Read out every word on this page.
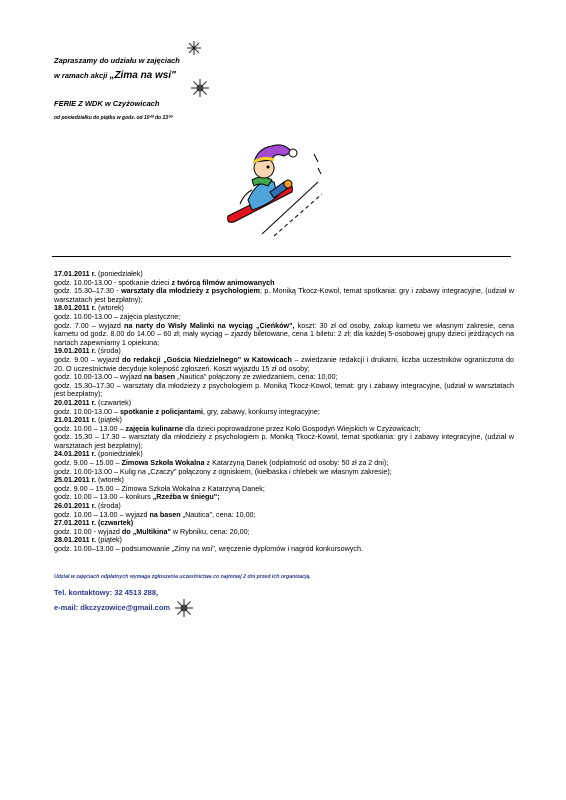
Zapraszamy do udziału w zajęciach
w ramach akcji „Zima na wsi"
FERIE Z WDK w Czyżowicach
od poniedziałku do piątku w godz. od 10⁰⁰ do 13⁰⁰
17.01.2011 r. (poniedziałek)
godz. 10.00-13.00 - spotkanie dzieci z twórcą filmów animowanych
godz. 15.30–17.30 - warsztaty dla młodzieży z psychologiem; p. Moniką Tkocz-Kowol, temat spotkania: gry i zabawy integracyjne, (udział w warsztatach jest bezpłatny);
18.01.2011 r. (wtorek)
godz. 10.00-13.00 – zajęcia plastyczne;
godz. 7.00 – wyjazd na narty do Wisły Malinki na wyciąg „Cieńków", koszt: 30 zł od osoby, zakup karnetu we własnym zakresie, cena karnetu od godz. 8.00 do 14.00 – 60 zł; mały wyciąg – zjazdy biletowane, cena 1 biletu: 2 zł; dla każdej 5-osobowej grupy dzieci jeżdżących na nartach zapewniamy 1 opiekuna;
19.01.2011 r. (środa)
godz. 9.00 – wyjazd do redakcji „Gościa Niedzielnego" w Katowicach – zwiedzanie redakcji i drukarni, liczba uczestników ograniczona do 20. O uczestnictwie decyduje kolejność zgłoszeń. Koszt wyjazdu 15 zł od osoby;
godz. 10.00-13.00 – wyjazd na basen „Nautica" połączony ze zwiedzaniem, cena: 10,00;
godz. 15.30–17.30 – warsztaty dla młodzieży z psychologiem p. Moniką Tkocz-Kowol, temat: gry i zabawy integracyjne, (udział w warsztatach jest bezpłatny);
20.01.2011 r. (czwartek)
godz. 10.00-13.00 – spotkanie z policjantami, gry, zabawy, konkursy integracyjne;
21.01.2011 r. (piątek)
godz. 10.00 – 13.00 – zajęcia kulinarne dla dzieci poprowadzone przez Koło Gospodyń Wiejskich w Czyżowicach;
godz. 15.30 – 17.30 – warsztaty dla młodzieży z psychologiem p. Moniką Tkocz-Kowol, temat spotkania: gry i zabawy integracyjne, (udział w warsztatach jest bezpłatny);
24.01.2011 r. (poniedziałek)
godz. 9.00 – 15.00 – Zimowa Szkoła Wokalna z Katarzyną Danek (odpłatność od osoby: 50 zł za 2 dni);
godz. 10.00-13.00 – Kulig na „Czaczy" połączony z ogniskiem, (kiełbaska i chlebek we własnym zakresie);
25.01.2011 r. (wtorek)
godz. 9.00 – 15.00 – Zimowa Szkoła Wokalna z Katarzyną Danek;
godz. 10.00 – 13.00 – konkurs „Rzeźba w śniegu";
26.01.2011 r. (środa)
godz. 10.00 – 13.00 – wyjazd na basen „Nautica", cena: 10,00;
27.01.2011 r. (czwartek)
godz. 10.00 - wyjazd do „Multikina" w Rybniku, cena: 20,00;
28.01.2011 r. (piątek)
godz. 10.00–13.00 – podsumowanie „Zimy na wsi", wręczenie dyplomów i nagród konkursowych.
Udział w zajęciach odpłatnych wymaga zgłoszenia uczestnictwa co najmniej 2 dni przed ich organizacją.
Tel. kontaktowy: 32 4513 288,
e-mail: dkczyzowice@gmail.com
